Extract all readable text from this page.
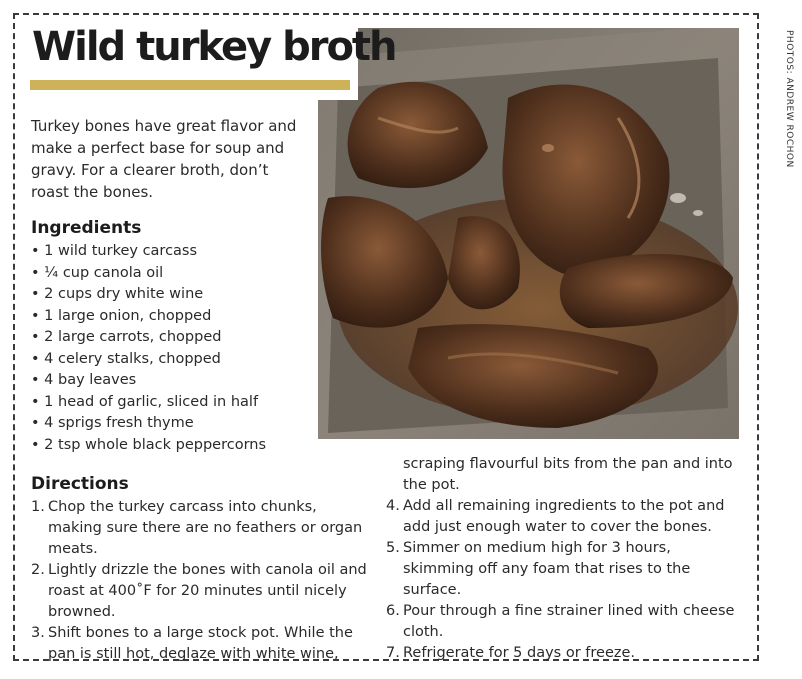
PHOTOS: ANDREW ROCHON
Wild turkey broth

Turkey bones have great flavor and make a perfect base for soup and gravy. For a clearer broth, don’t roast the bones.

Ingredients
• 1 wild turkey carcass
• ¼ cup canola oil
• 2 cups dry white wine
• 1 large onion, chopped
• 2 large carrots, chopped
• 4 celery stalks, chopped
• 4 bay leaves
• 1 head of garlic, sliced in half
• 4 sprigs fresh thyme
• 2 tsp whole black peppercorns
Directions
1. Chop the turkey carcass into chunks, making sure there are no feathers or organ meats.
2. Lightly drizzle the bones with canola oil and roast at 400˚F for 20 minutes until nicely browned.
3. Shift bones to a large stock pot. While the pan is still hot, deglaze with white wine,
scraping flavourful bits from the pan and into the pot.
4. Add all remaining ingredients to the pot and add just enough water to cover the bones.
5. Simmer on medium high for 3 hours, skimming off any foam that rises to the surface.
6. Pour through a fine strainer lined with cheese cloth.
7. Refrigerate for 5 days or freeze.
